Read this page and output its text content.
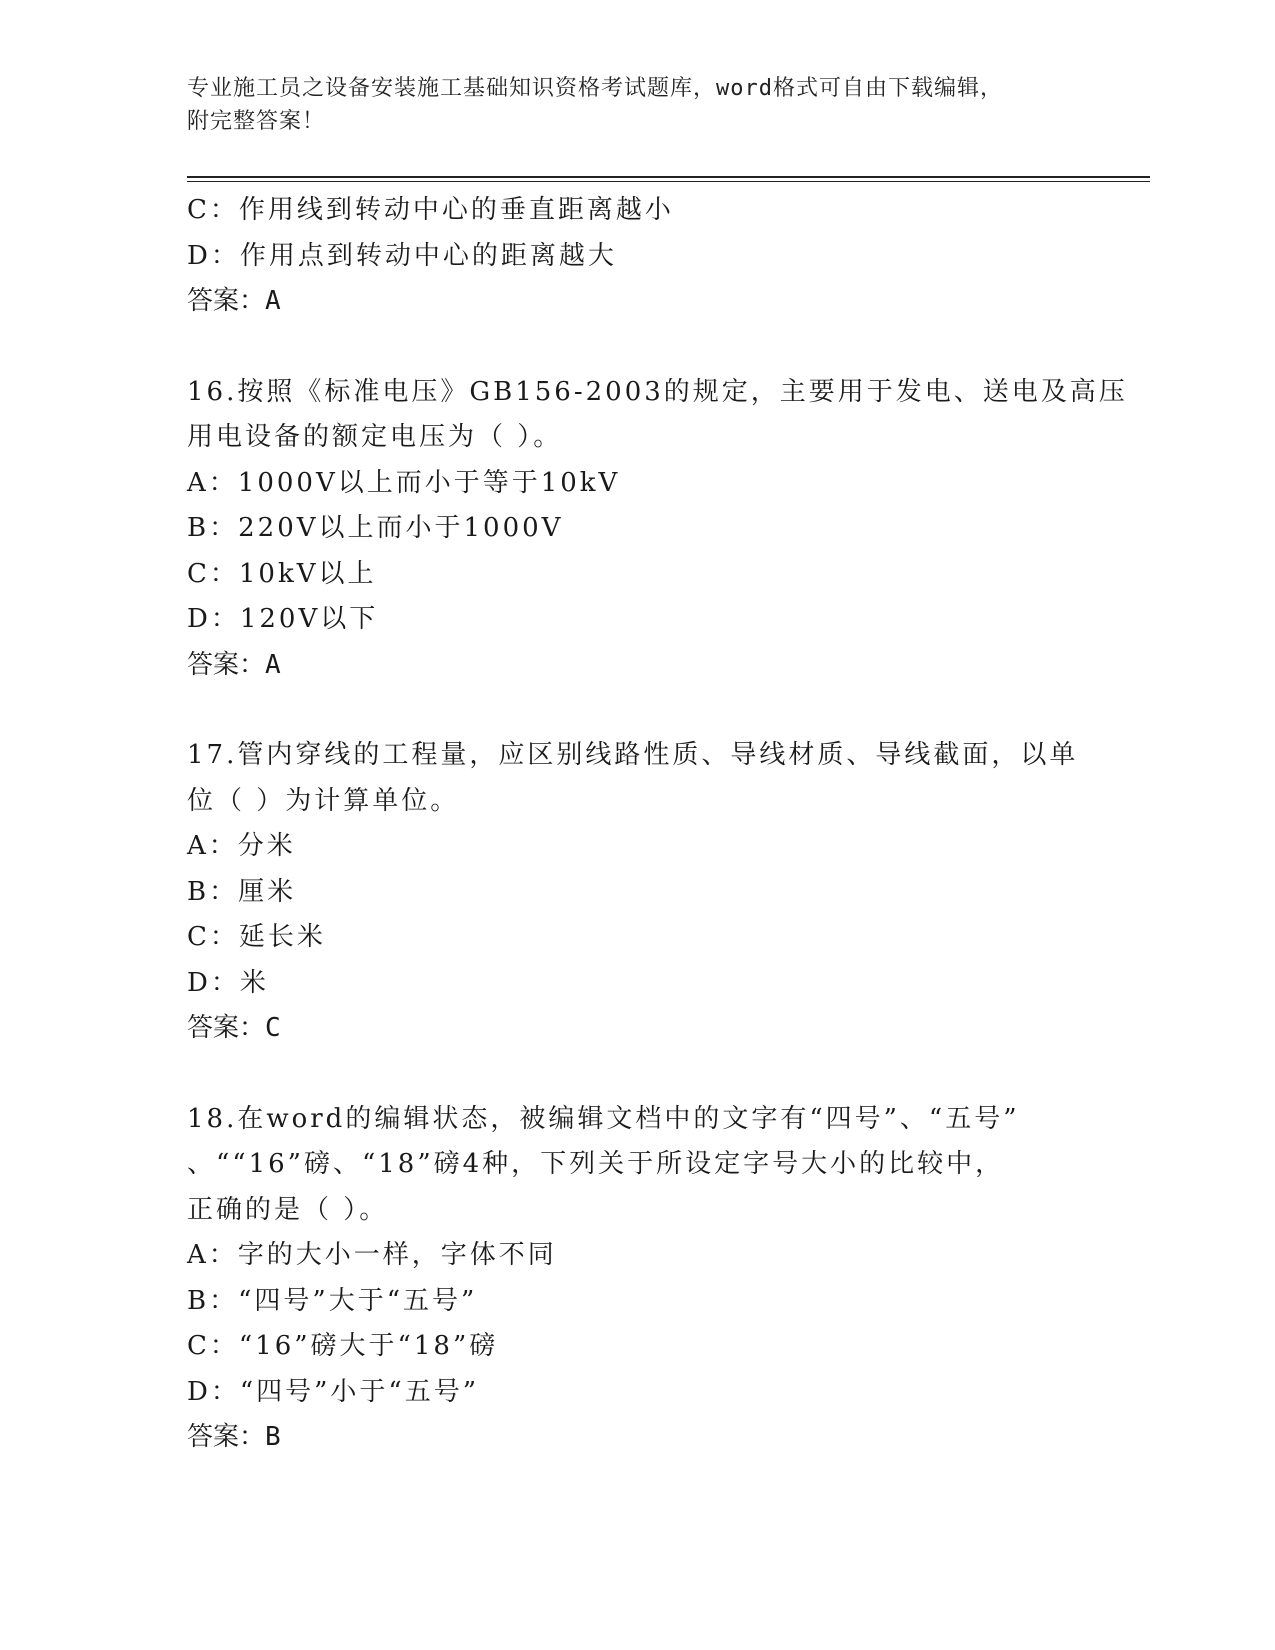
专业施工员之设备安装施工基础知识资格考试题库，word格式可自由下载编辑，
附完整答案！
C：作用线到转动中心的垂直距离越小
D：作用点到转动中心的距离越大
答案：A
16.按照《标准电压》GB156-2003的规定，主要用于发电、送电及高压
用电设备的额定电压为（ ）。
A：1000V以上而小于等于10kV
B：220V以上而小于1000V
C：10kV以上
D：120V以下
答案：A
17.管内穿线的工程量，应区别线路性质、导线材质、导线截面，以单
位（ ）为计算单位。
A：分米
B：厘米
C：延长米
D：米
答案：C
18.在word的编辑状态，被编辑文档中的文字有“四号”、“五号”
、““16”磅、“18”磅4种，下列关于所设定字号大小的比较中，
正确的是（ ）。
A：字的大小一样，字体不同
B：“四号”大于“五号”
C：“16”磅大于“18”磅
D：“四号”小于“五号”
答案：B
